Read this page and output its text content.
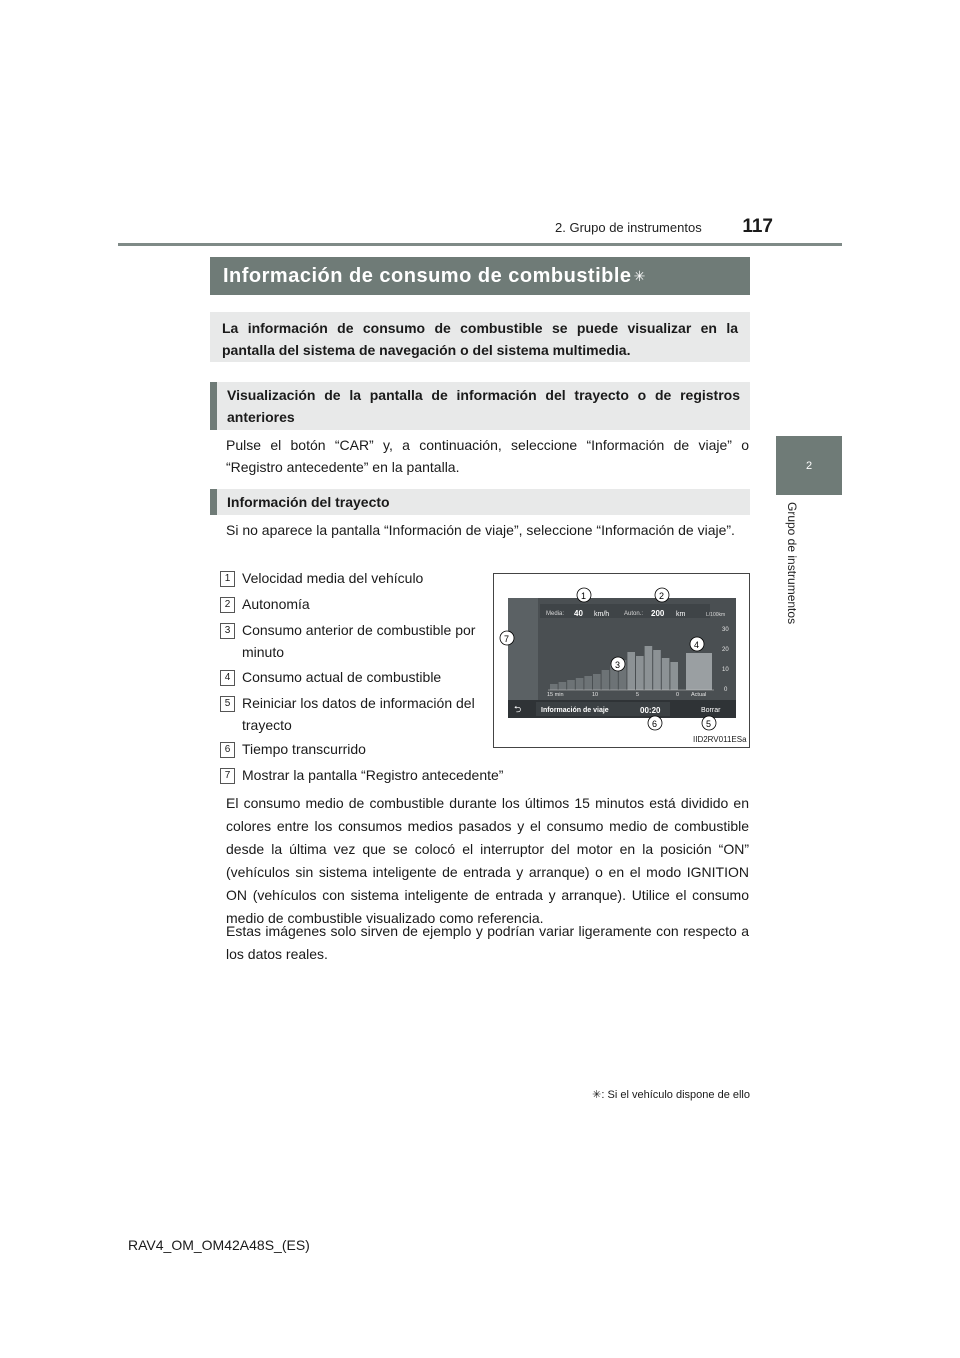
2. Grupo de instrumentos 117
2
Grupo de instrumentos
Información de consumo de combustible ✳
La información de consumo de combustible se puede visualizar en la pantalla del sistema de navegación o del sistema multimedia.
Visualización de la pantalla de información del trayecto o de registros anteriores
Pulse el botón “CAR” y, a continuación, seleccione “Información de viaje” o “Registro antecedente” en la pantalla.
Información del trayecto
Si no aparece la pantalla “Información de viaje”, seleccione “Información de viaje”.
1 Velocidad media del vehículo
2 Autonomía
3 Consumo anterior de combustible por minuto
4 Consumo actual de combustible
5 Reiniciar los datos de información del trayecto
6 Tiempo transcurrido
7 Mostrar la pantalla “Registro antecedente”
Media: 40 km/h Auton.: 200 km	L/100km
30
20
10
0
15 min	10	5	0 Actual
⮌	Información de viaje	00:20	Borrar
1	2
3
4
5
6
7
IID2RV011ESa
El consumo medio de combustible durante los últimos 15 minutos está dividido en colores entre los consumos medios pasados y el consumo medio de combustible desde la última vez que se colocó el interruptor del motor en la posición “ON” (vehículos sin sistema inteligente de entrada y arranque) o en el modo IGNITION ON (vehículos con sistema inteligente de entrada y arranque). Utilice el consumo medio de combustible visualizado como referencia.
Estas imágenes solo sirven de ejemplo y podrían variar ligeramente con respecto a los datos reales.
✳: Si el vehículo dispone de ello
RAV4_OM_OM42A48S_(ES)
